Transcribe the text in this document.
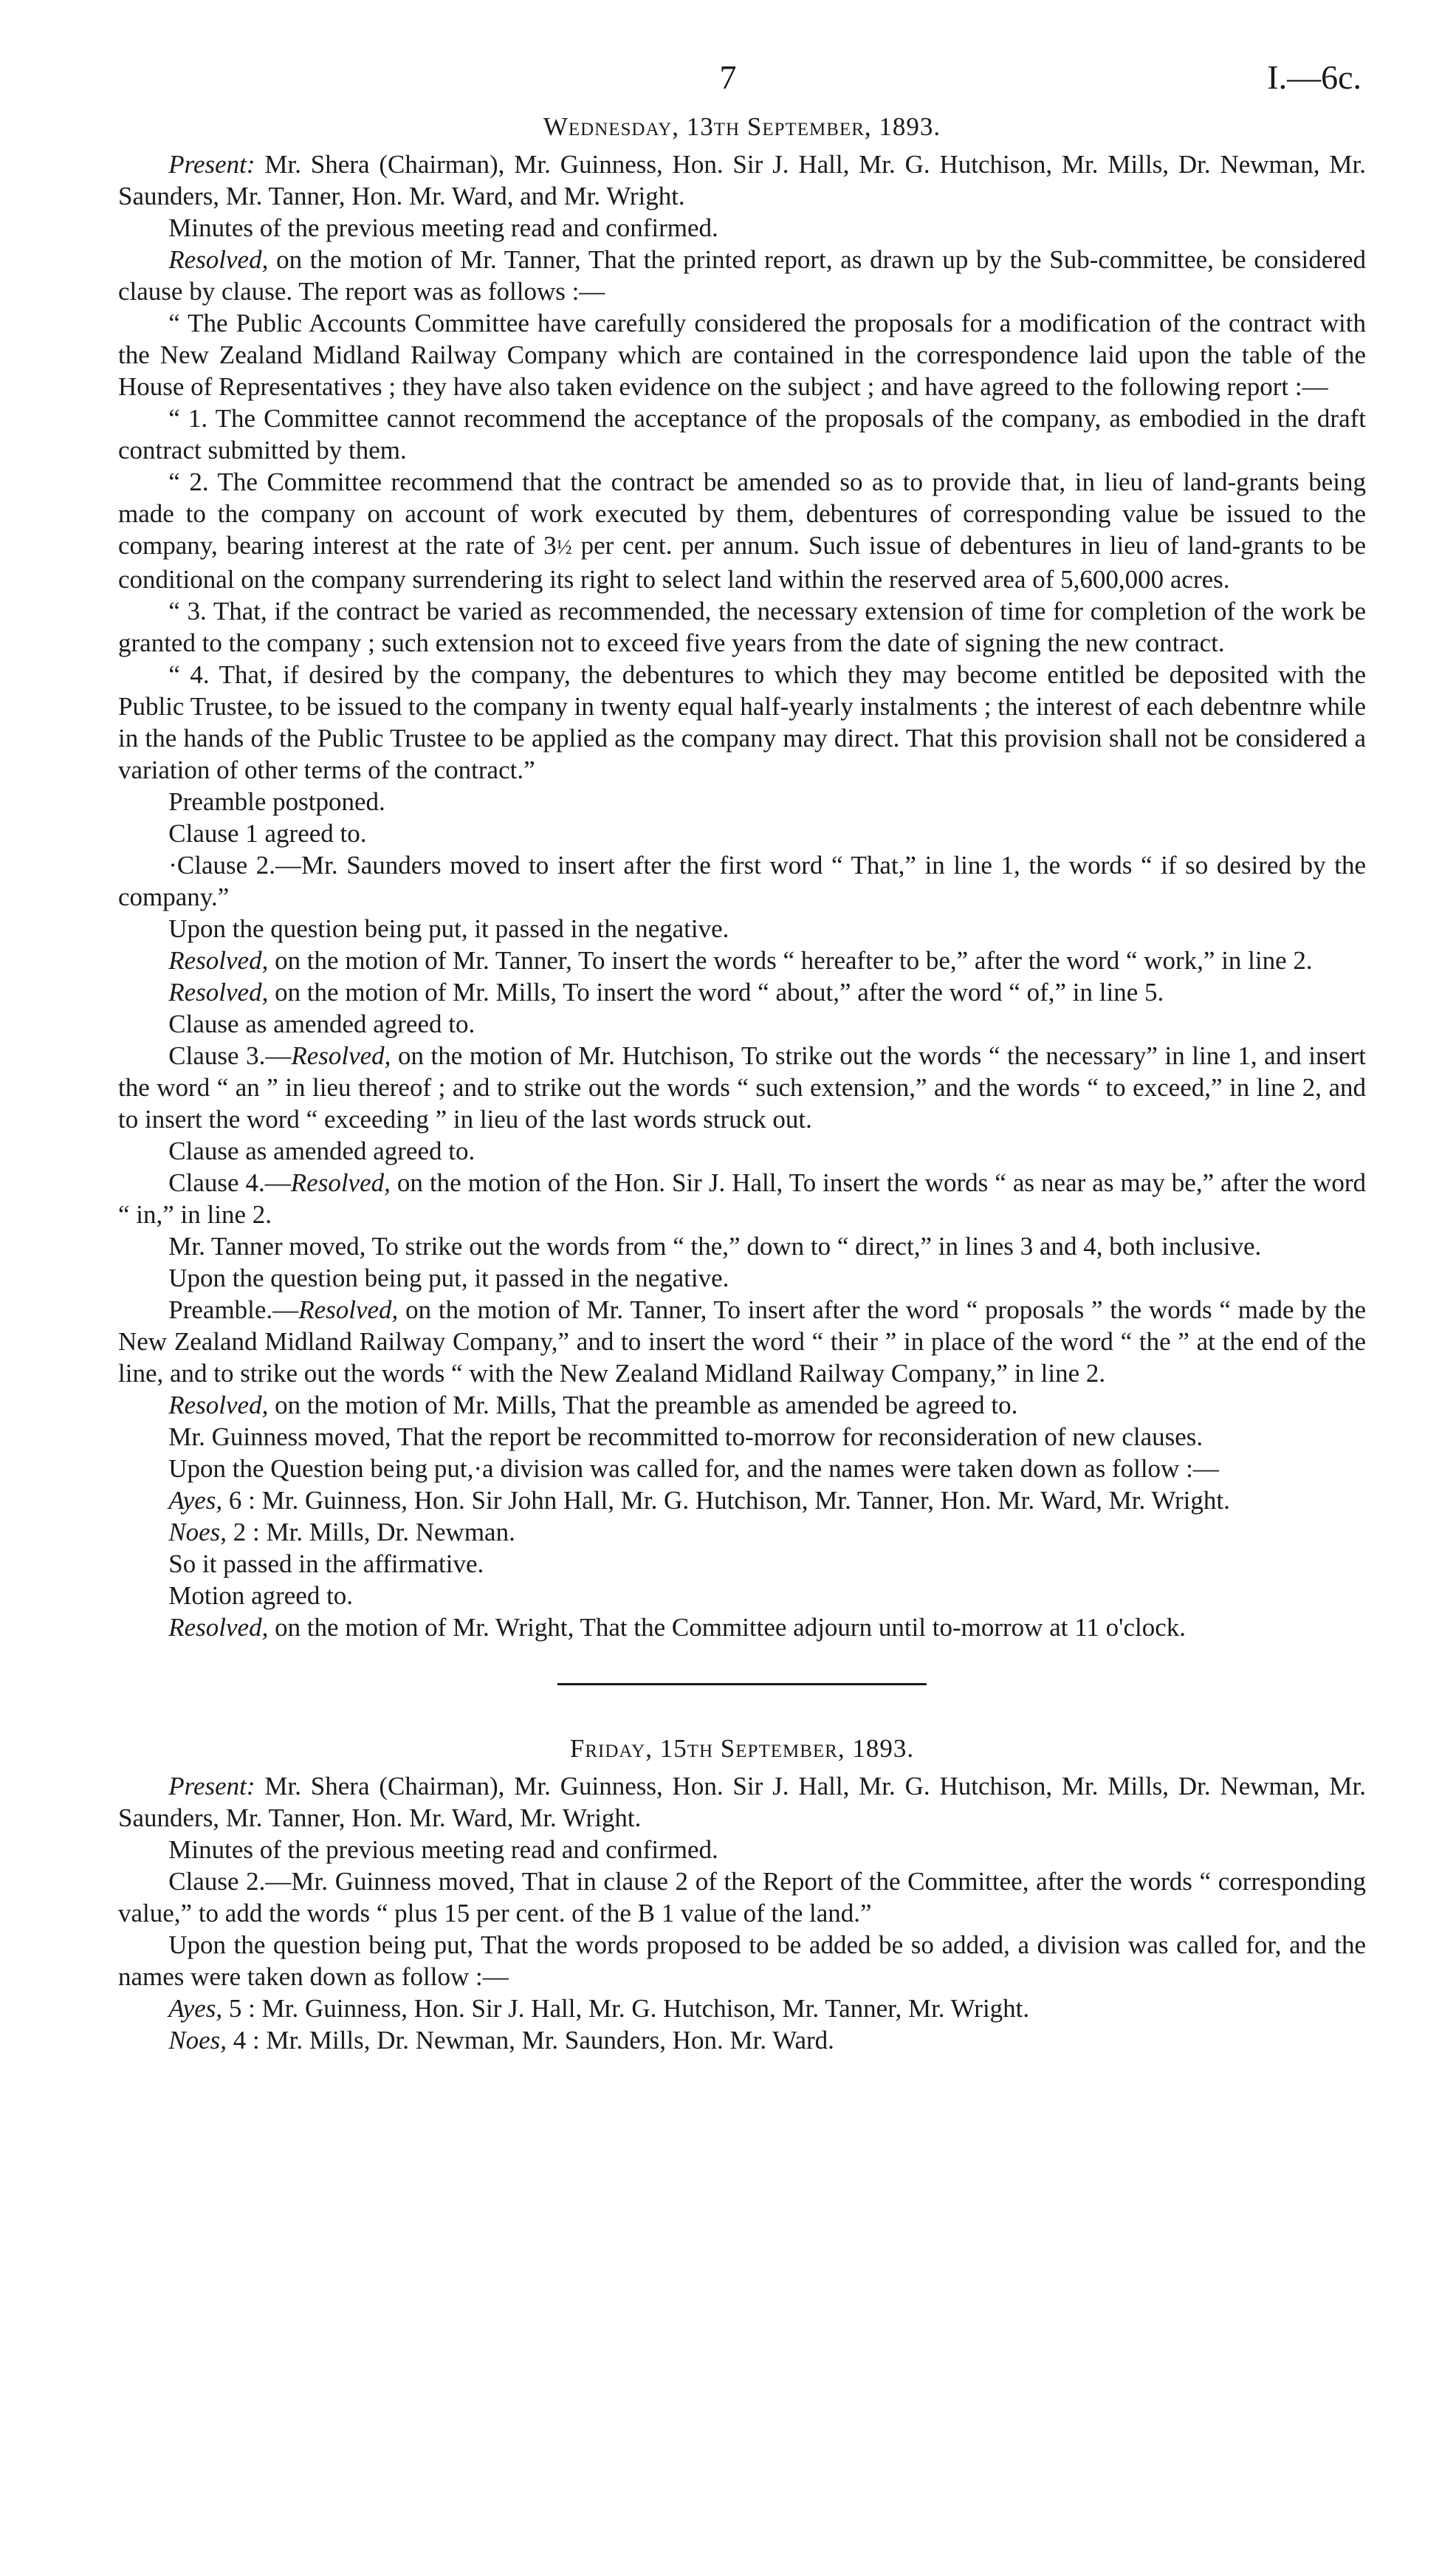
7	I.—6c.

Wednesday, 13th September, 1893.

Present: Mr. Shera (Chairman), Mr. Guinness, Hon. Sir J. Hall, Mr. G. Hutchison, Mr. Mills, Dr. Newman, Mr. Saunders, Mr. Tanner, Hon. Mr. Ward, and Mr. Wright.

Minutes of the previous meeting read and confirmed.

Resolved, on the motion of Mr. Tanner, That the printed report, as drawn up by the Sub-committee, be considered clause by clause. The report was as follows :—

“ The Public Accounts Committee have carefully considered the proposals for a modification of the contract with the New Zealand Midland Railway Company which are contained in the correspondence laid upon the table of the House of Representatives ; they have also taken evidence on the subject ; and have agreed to the following report :—

“ 1. The Committee cannot recommend the acceptance of the proposals of the company, as embodied in the draft contract submitted by them.

“ 2. The Committee recommend that the contract be amended so as to provide that, in lieu of land-grants being made to the company on account of work executed by them, debentures of corresponding value be issued to the company, bearing interest at the rate of 3½ per cent. per annum. Such issue of debentures in lieu of land-grants to be conditional on the company surrendering its right to select land within the reserved area of 5,600,000 acres.

“ 3. That, if the contract be varied as recommended, the necessary extension of time for completion of the work be granted to the company ; such extension not to exceed five years from the date of signing the new contract.

“ 4. That, if desired by the company, the debentures to which they may become entitled be deposited with the Public Trustee, to be issued to the company in twenty equal half-yearly instalments ; the interest of each debentnre while in the hands of the Public Trustee to be applied as the company may direct. That this provision shall not be considered a variation of other terms of the contract.”

Preamble postponed.

Clause 1 agreed to.

·Clause 2.—Mr. Saunders moved to insert after the first word “ That,” in line 1, the words “ if so desired by the company.”

Upon the question being put, it passed in the negative.

Resolved, on the motion of Mr. Tanner, To insert the words “ hereafter to be,” after the word “ work,” in line 2.

Resolved, on the motion of Mr. Mills, To insert the word “ about,” after the word “ of,” in line 5.

Clause as amended agreed to.

Clause 3.—Resolved, on the motion of Mr. Hutchison, To strike out the words “ the necessary” in line 1, and insert the word “ an ” in lieu thereof ; and to strike out the words “ such extension,” and the words “ to exceed,” in line 2, and to insert the word “ exceeding ” in lieu of the last words struck out.

Clause as amended agreed to.

Clause 4.—Resolved, on the motion of the Hon. Sir J. Hall, To insert the words “ as near as may be,” after the word “ in,” in line 2.

Mr. Tanner moved, To strike out the words from “ the,” down to “ direct,” in lines 3 and 4, both inclusive.

Upon the question being put, it passed in the negative.

Preamble.—Resolved, on the motion of Mr. Tanner, To insert after the word “ proposals ” the words “ made by the New Zealand Midland Railway Company,” and to insert the word “ their ” in place of the word “ the ” at the end of the line, and to strike out the words “ with the New Zealand Midland Railway Company,” in line 2.

Resolved, on the motion of Mr. Mills, That the preamble as amended be agreed to.

Mr. Guinness moved, That the report be recommitted to-morrow for reconsideration of new clauses.

Upon the Question being put,·a division was called for, and the names were taken down as follow :—

Ayes, 6 : Mr. Guinness, Hon. Sir John Hall, Mr. G. Hutchison, Mr. Tanner, Hon. Mr. Ward, Mr. Wright.

Noes, 2 : Mr. Mills, Dr. Newman.

So it passed in the affirmative.

Motion agreed to.

Resolved, on the motion of Mr. Wright, That the Committee adjourn until to-morrow at 11 o'clock.

Friday, 15th September, 1893.

Present: Mr. Shera (Chairman), Mr. Guinness, Hon. Sir J. Hall, Mr. G. Hutchison, Mr. Mills, Dr. Newman, Mr. Saunders, Mr. Tanner, Hon. Mr. Ward, Mr. Wright.

Minutes of the previous meeting read and confirmed.

Clause 2.—Mr. Guinness moved, That in clause 2 of the Report of the Committee, after the words “ corresponding value,” to add the words “ plus 15 per cent. of the B 1 value of the land.”

Upon the question being put, That the words proposed to be added be so added, a division was called for, and the names were taken down as follow :—

Ayes, 5 : Mr. Guinness, Hon. Sir J. Hall, Mr. G. Hutchison, Mr. Tanner, Mr. Wright.

Noes, 4 : Mr. Mills, Dr. Newman, Mr. Saunders, Hon. Mr. Ward.
